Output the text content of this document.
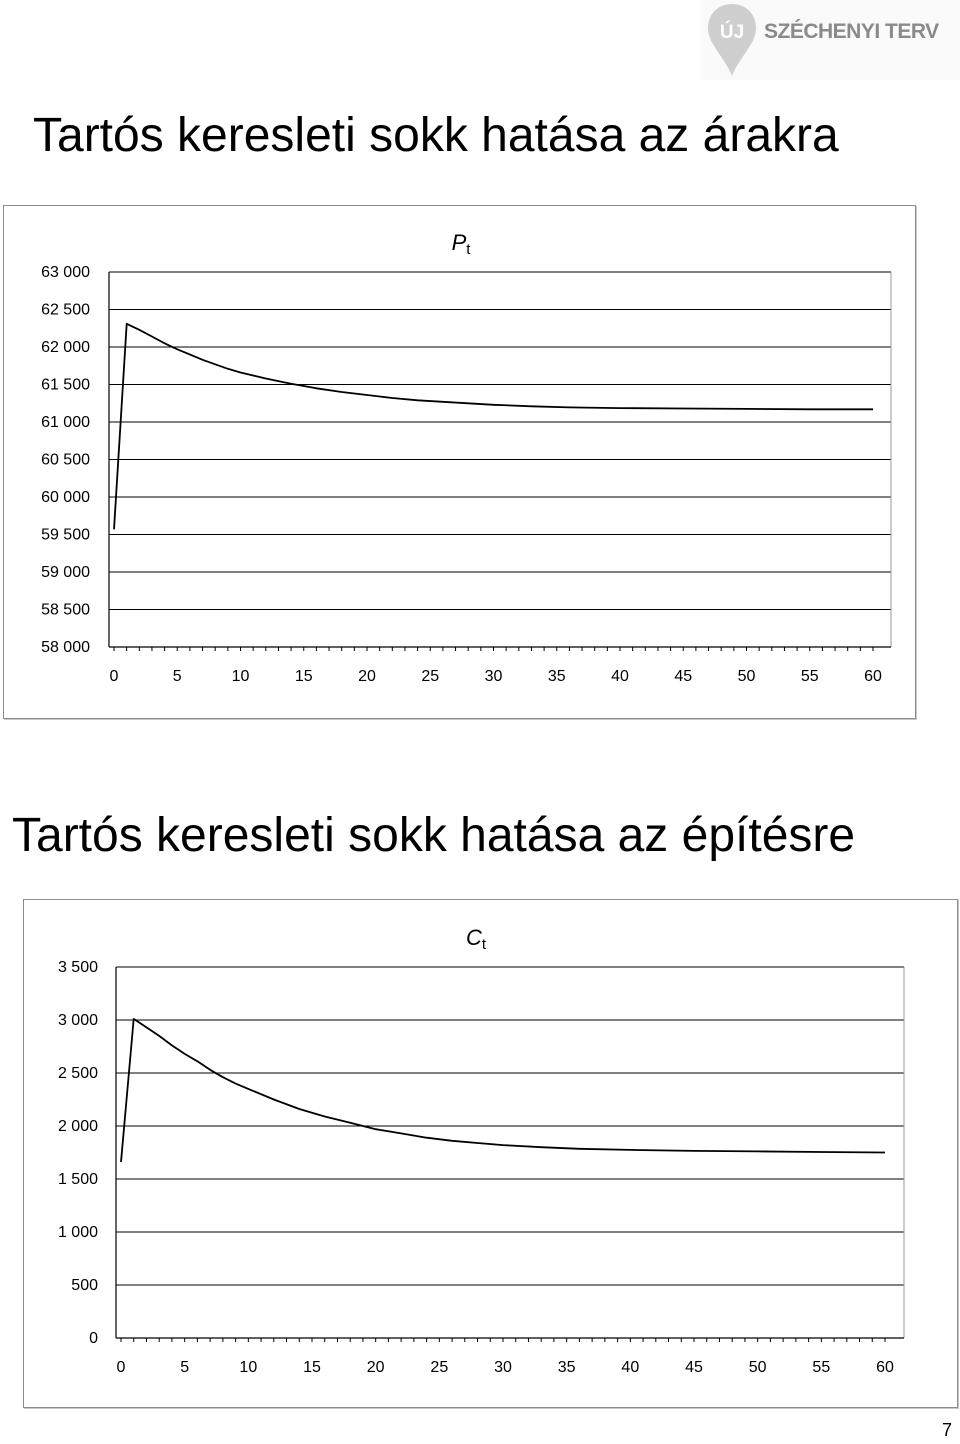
ÚJ SZÉCHENYI TERV
Tartós keresleti sokk hatása az árakra
58 000
58 500
59 000
59 500
60 000
60 500
61 000
61 500
62 000
62 500
63 000
0	5	10	15	20	25	30	35	40	45	50	55	60
Pt
Tartós keresleti sokk hatása az építésre
0
500
1 000
1 500
2 000
2 500
3 000
3 500
0	5	10	15	20	25	30	35	40	45	50	55	60
Ct
7
